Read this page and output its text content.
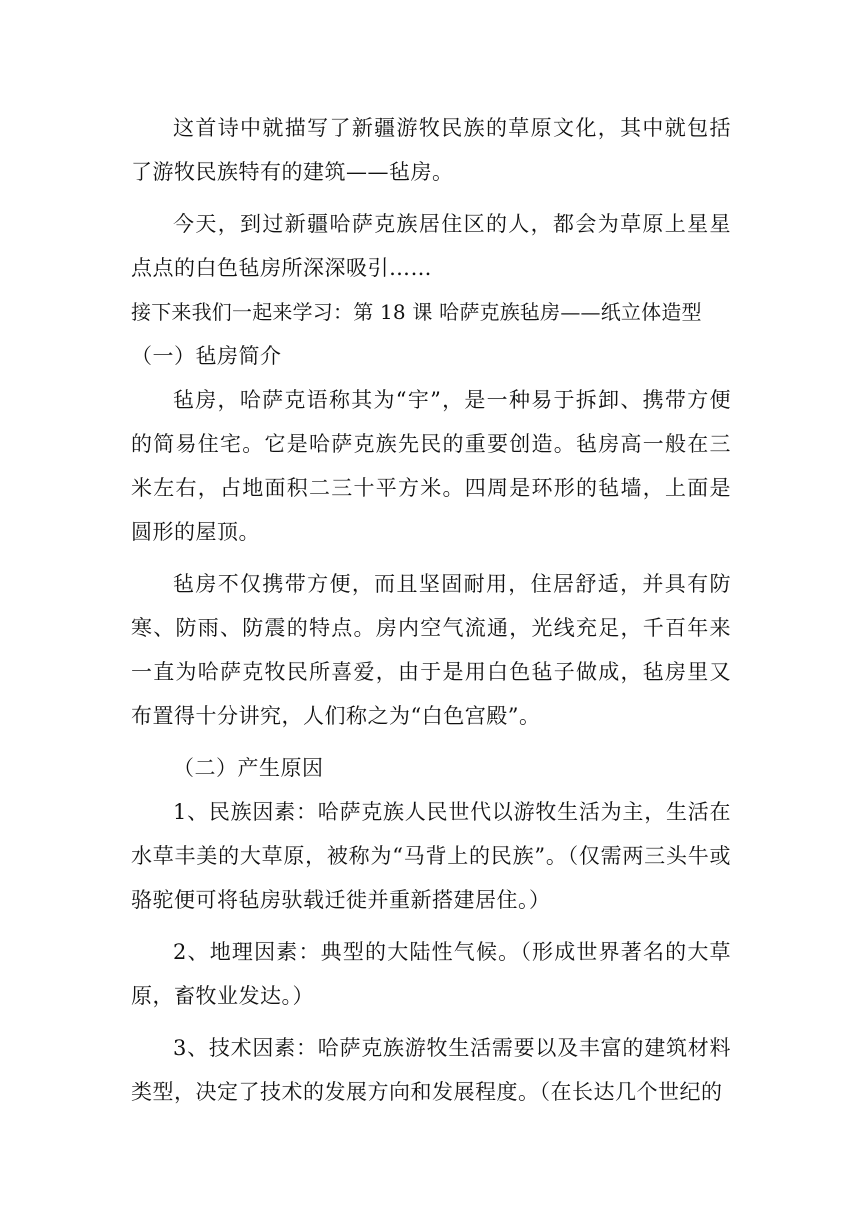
这首诗中就描写了新疆游牧民族的草原文化，其中就包括了游牧民族特有的建筑——毡房。

今天，到过新疆哈萨克族居住区的人，都会为草原上星星点点的白色毡房所深深吸引……

接下来我们一起来学习：第 18 课 哈萨克族毡房——纸立体造型

（一）毡房简介

毡房，哈萨克语称其为“宇”，是一种易于拆卸、携带方便的简易住宅。它是哈萨克族先民的重要创造。毡房高一般在三米左右，占地面积二三十平方米。四周是环形的毡墙，上面是圆形的屋顶。

毡房不仅携带方便，而且坚固耐用，住居舒适，并具有防寒、防雨、防震的特点。房内空气流通，光线充足，千百年来一直为哈萨克牧民所喜爱，由于是用白色毡子做成，毡房里又布置得十分讲究，人们称之为“白色宫殿”。

（二）产生原因

1、民族因素：哈萨克族人民世代以游牧生活为主，生活在水草丰美的大草原，被称为“马背上的民族”。（仅需两三头牛或骆驼便可将毡房驮载迁徙并重新搭建居住。）

2、地理因素：典型的大陆性气候。（形成世界著名的大草原，畜牧业发达。）

3、技术因素：哈萨克族游牧生活需要以及丰富的建筑材料类型，决定了技术的发展方向和发展程度。（在长达几个世纪的
